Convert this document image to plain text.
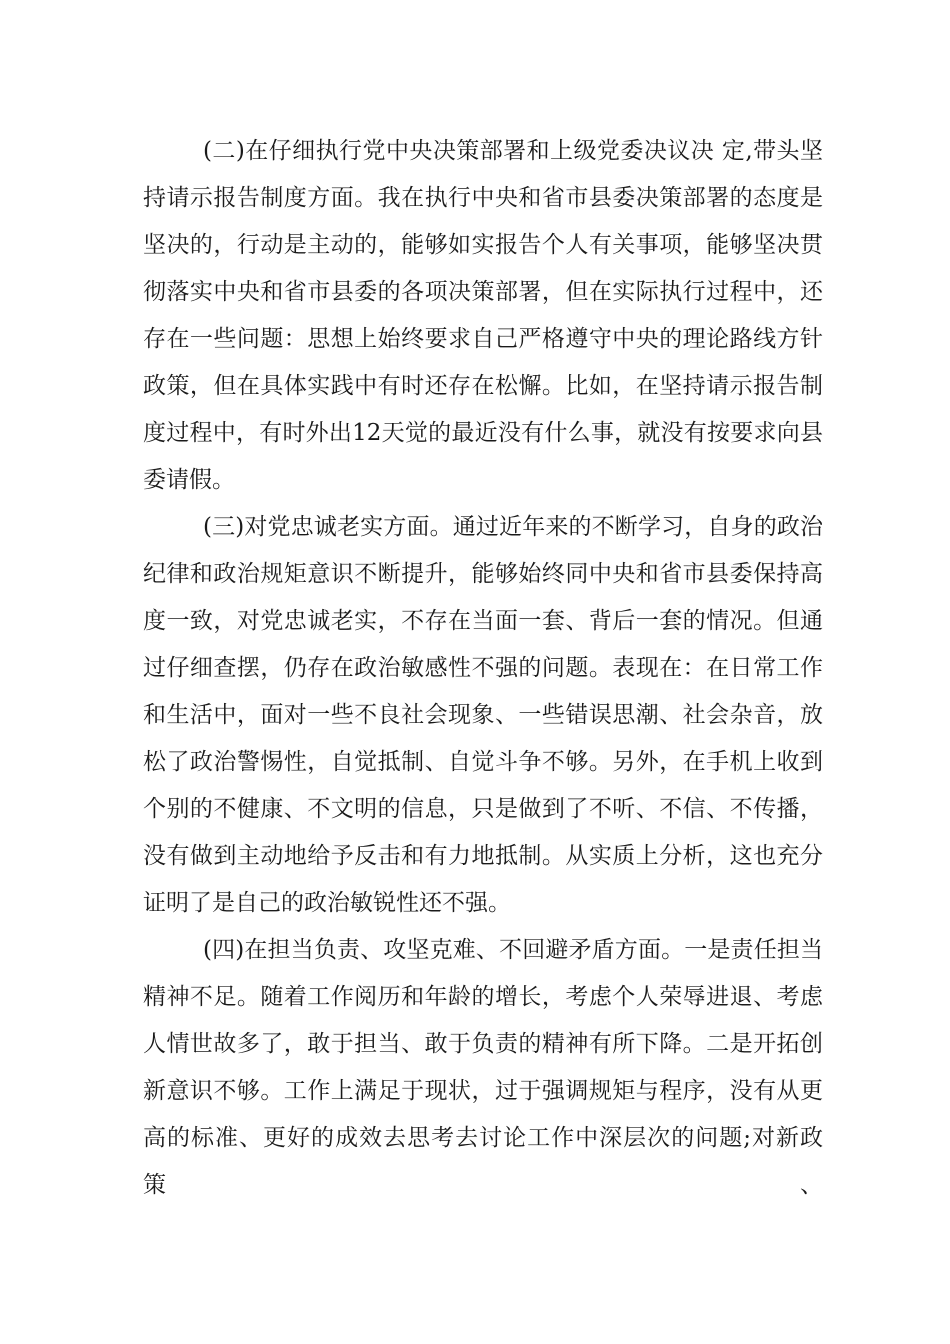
(二)在仔细执行党中央决策部署和上级党委决议决 定,带头坚
持请示报告制度方面。我在执行中央和省市县委决策部署的态度是
坚决的，行动是主动的，能够如实报告个人有关事项，能够坚决贯
彻落实中央和省市县委的各项决策部署，但在实际执行过程中，还
存在一些问题：思想上始终要求自己严格遵守中央的理论路线方针
政策，但在具体实践中有时还存在松懈。比如，在坚持请示报告制
度过程中，有时外出12天觉的最近没有什么事，就没有按要求向县
委请假。
(三)对党忠诚老实方面。通过近年来的不断学习，自身的政治
纪律和政治规矩意识不断提升，能够始终同中央和省市县委保持高
度一致，对党忠诚老实，不存在当面一套、背后一套的情况。但通
过仔细查摆，仍存在政治敏感性不强的问题。表现在：在日常工作
和生活中，面对一些不良社会现象、一些错误思潮、社会杂音，放
松了政治警惕性，自觉抵制、自觉斗争不够。另外，在手机上收到
个别的不健康、不文明的信息，只是做到了不听、不信、不传播，
没有做到主动地给予反击和有力地抵制。从实质上分析，这也充分
证明了是自己的政治敏锐性还不强。
(四)在担当负责、攻坚克难、不回避矛盾方面。一是责任担当
精神不足。随着工作阅历和年龄的增长，考虑个人荣辱进退、考虑
人情世故多了，敢于担当、敢于负责的精神有所下降。二是开拓创
新意识不够。工作上满足于现状，过于强调规矩与程序，没有从更
高的标准、更好的成效去思考去讨论工作中深层次的问题;对新政策、
